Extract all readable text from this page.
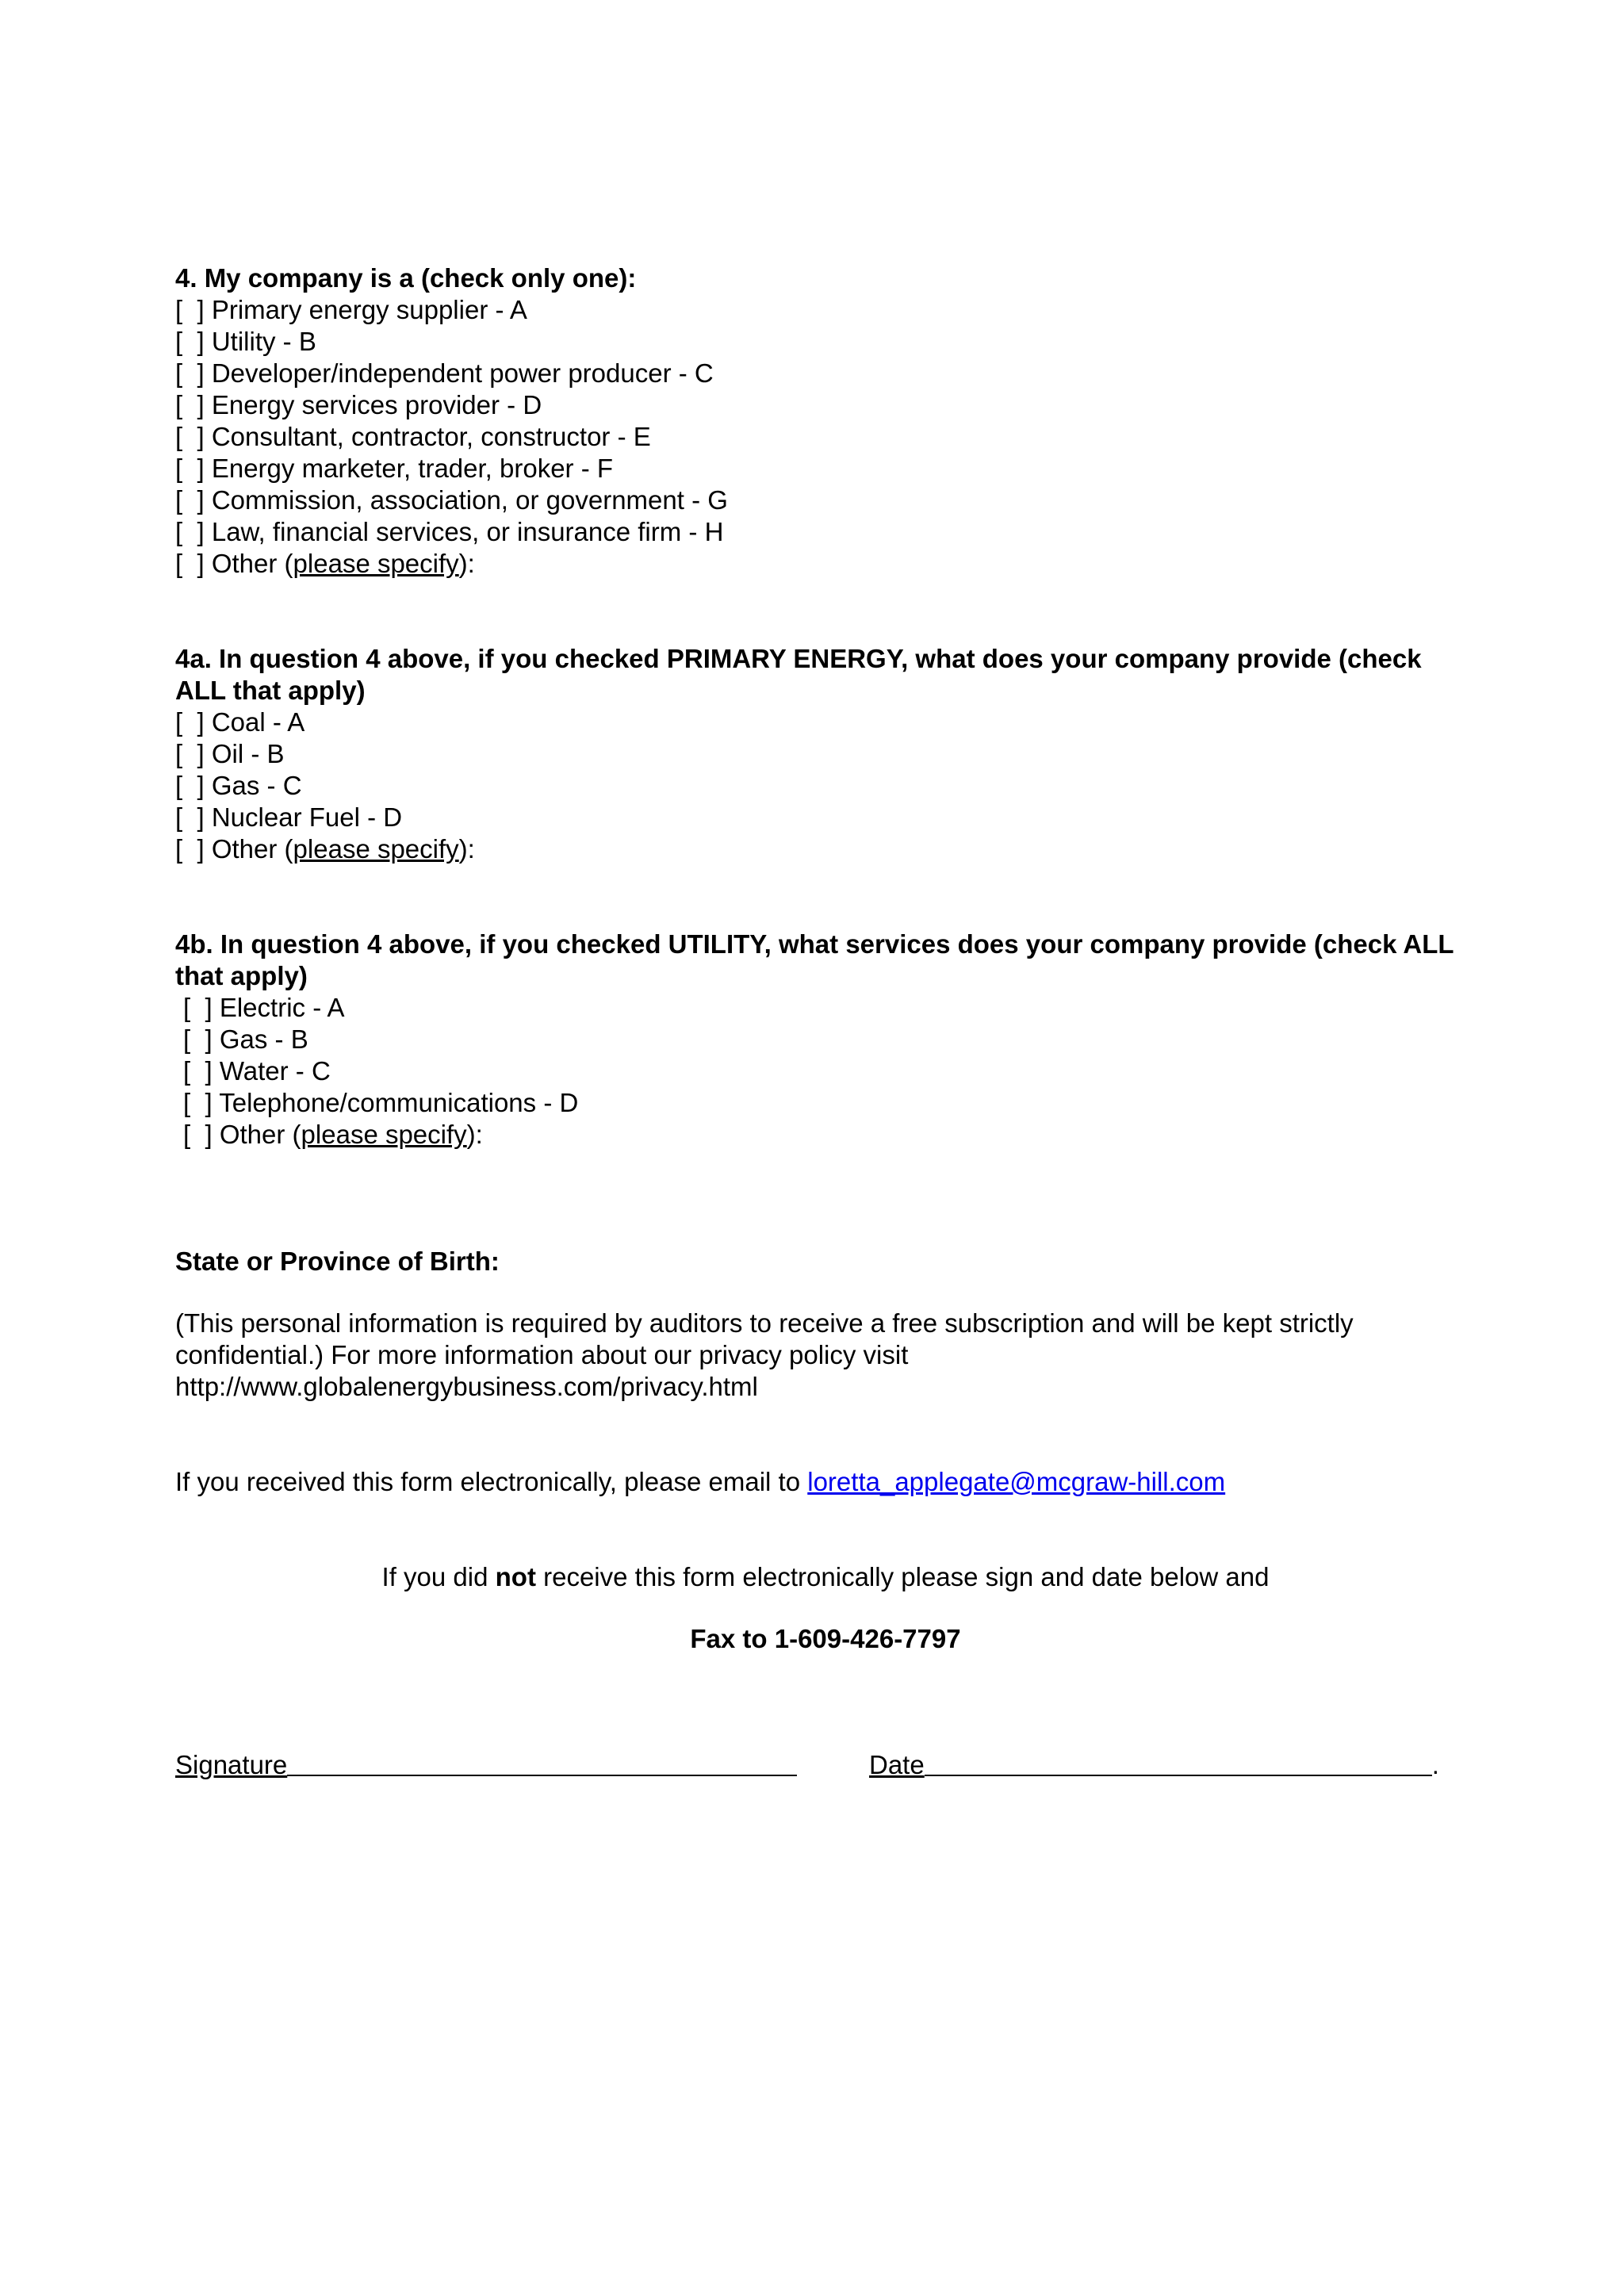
4. My company is a (check only one):
[  ] Primary energy supplier - A
[  ] Utility - B
[  ] Developer/independent power producer - C
[  ] Energy services provider - D
[  ] Consultant, contractor, constructor - E
[  ] Energy marketer, trader, broker - F
[  ] Commission, association, or government - G
[  ] Law, financial services, or insurance firm - H
[  ] Other (please specify):
4a. In question 4 above, if you checked PRIMARY ENERGY, what does your company provide (check ALL that apply)
[  ] Coal - A
[  ] Oil - B
[  ] Gas - C
[  ] Nuclear Fuel - D
[  ] Other (please specify):
4b. In question 4 above, if you checked UTILITY, what services does your company provide (check ALL that apply)
[  ] Electric - A
[  ] Gas - B
[  ] Water - C
[  ] Telephone/communications - D
[  ] Other (please specify):
State or Province of Birth:
(This personal information is required by auditors to receive a free subscription and will be kept strictly confidential.) For more information about our privacy policy visit http://www.globalenergybusiness.com/privacy.html
If you received this form electronically, please email to loretta_applegate@mcgraw-hill.com
If you did not receive this form electronically please sign and date below and
Fax to 1-609-426-7797
Signature	Date	.
